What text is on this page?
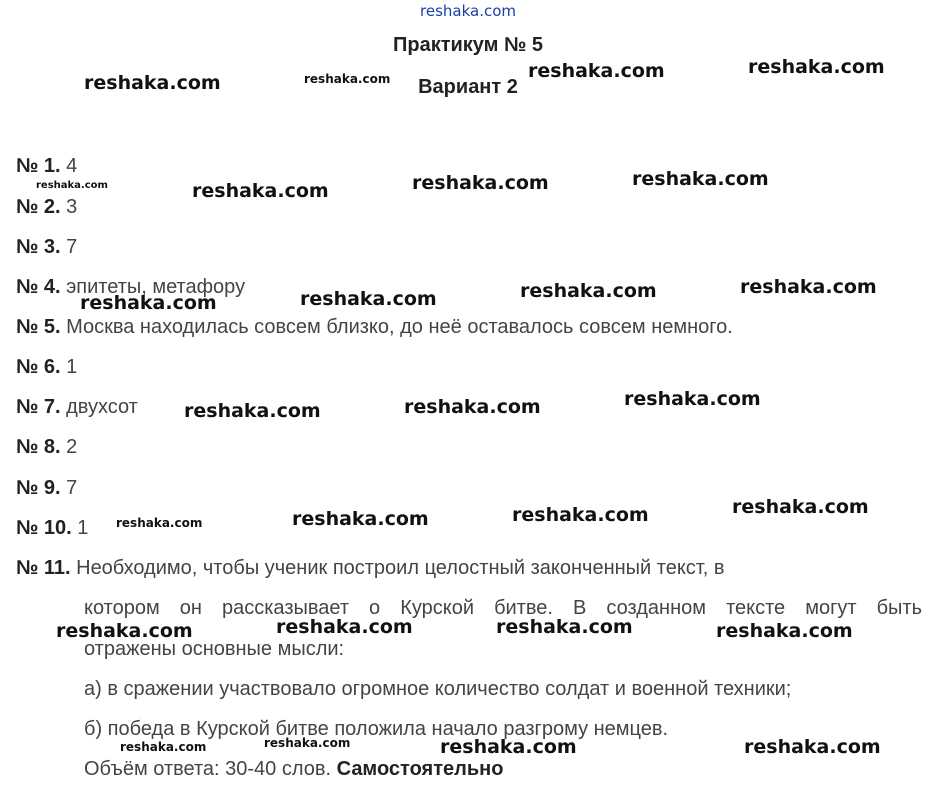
reshaka.com
Практикум № 5
Вариант 2
№ 1. 4
№ 2. 3
№ 3. 7
№ 4. эпитеты, метафору
№ 5. Москва находилась совсем близко, до неё оставалось совсем немного.
№ 6. 1
№ 7. двухсот
№ 8. 2
№ 9. 7
№ 10. 1
№ 11. Необходимо, чтобы ученик построил целостный законченный текст, в
котором он рассказывает о Курской битве. В созданном тексте могут быть
отражены основные мысли:
а) в сражении участвовало огромное количество солдат и военной техники;
б) победа в Курской битве положила начало разгрому немцев.
Объём ответа: 30-40 слов. Самостоятельно
reshaka.com	reshaka.com	reshaka.com	reshaka.com
reshaka.com	reshaka.com	reshaka.com	reshaka.com
reshaka.com	reshaka.com	reshaka.com	reshaka.com
reshaka.com	reshaka.com	reshaka.com
reshaka.com	reshaka.com	reshaka.com	reshaka.com
reshaka.com	reshaka.com	reshaka.com	reshaka.com
reshaka.com	reshaka.com	reshaka.com	reshaka.com
